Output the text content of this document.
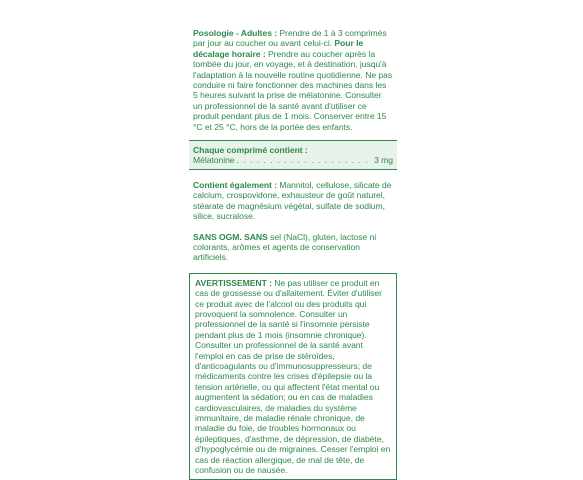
Posologie - Adultes : Prendre de 1 à 3 comprimés par jour au coucher ou avant celui-ci. Pour le décalage horaire : Prendre au coucher après la tombée du jour, en voyage, et à destination, jusqu'à l'adaptation à la nouvelle routine quotidienne. Ne pas conduire ni faire fonctionner des machines dans les 5 heures suivant la prise de mélatonine. Consulter un professionnel de la santé avant d'utiliser ce produit pendant plus de 1 mois. Conserver entre 15 °C et 25 °C, hors de la portée des enfants.

Chaque comprimé contient :
Mélatonine
. . .	3 mg

Contient également : Mannitol, cellulose, silicate de calcium, crospovidone, exhausteur de goût naturel, stéarate de magnésium végétal, sulfate de sodium, silice, sucralose.

SANS OGM. SANS sel (NaCl), gluten, lactose ni colorants, arômes et agents de conservation artificiels.

AVERTISSEMENT : Ne pas utiliser ce produit en cas de grossesse ou d'allaitement. Éviter d'utiliser ce produit avec de l'alcool ou des produits qui provoquent la somnolence. Consulter un professionnel de la santé si l'insomnie persiste pendant plus de 1 mois (insomnie chronique). Consulter un professionnel de la santé avant l'emploi en cas de prise de stéroïdes, d'anticoagulants ou d'immunosuppresseurs; de médicaments contre les crises d'épilepsie ou la tension artérielle, ou qui affectent l'état mental ou augmentent la sédation; ou en cas de maladies cardiovasculaires, de maladies du système immunitaire, de maladie rénale chronique, de maladie du foie, de troubles hormonaux ou épileptiques, d'asthme, de dépression, de diabète, d'hypoglycémie ou de migraines. Cesser l'emploi en cas de réaction allergique, de mal de tête, de confusion ou de nausée.
